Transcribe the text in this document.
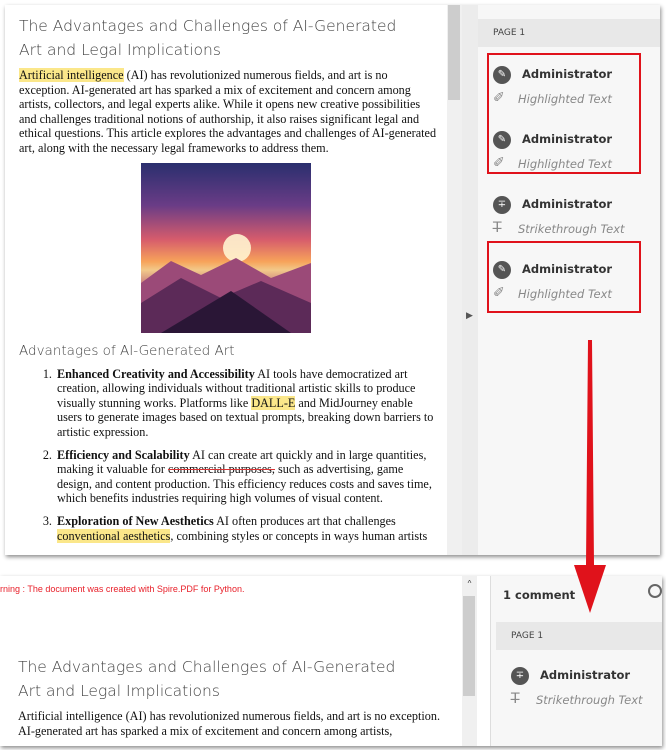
The Advantages and Challenges of AI-Generated Art and Legal Implications

Artificial intelligence (AI) has revolutionized numerous fields, and art is no exception. AI-generated art has sparked a mix of excitement and concern among artists, collectors, and legal experts alike. While it opens new creative possibilities and challenges traditional notions of authorship, it also raises significant legal and ethical questions. This article explores the advantages and challenges of AI-generated art, along with the necessary legal frameworks to address them.

Advantages of AI-Generated Art
1. Enhanced Creativity and Accessibility AI tools have democratized art creation, allowing individuals without traditional artistic skills to produce visually stunning works. Platforms like DALL-E and MidJourney enable users to generate images based on textual prompts, breaking down barriers to artistic expression.
2. Efficiency and Scalability AI can create art quickly and in large quantities, making it valuable for commercial purposes, such as advertising, game design, and content production. This efficiency reduces costs and saves time, which benefits industries requiring high volumes of visual content.
3. Exploration of New Aesthetics AI often produces art that challenges conventional aesthetics, combining styles or concepts in ways human artists
▶
PAGE 1
✎	Administrator
✐ Highlighted Text
✎	Administrator
✐ Highlighted Text
∓	Administrator
T̶ Strikethrough Text
✎	Administrator
✐ Highlighted Text
rning : The document was created with Spire.PDF for Python.
The Advantages and Challenges of AI-Generated Art and Legal Implications

Artificial intelligence (AI) has revolutionized numerous fields, and art is no exception.

AI-generated art has sparked a mix of excitement and concern among artists,

^
1 comment
PAGE 1
∓	Administrator
T̶ Strikethrough Text
